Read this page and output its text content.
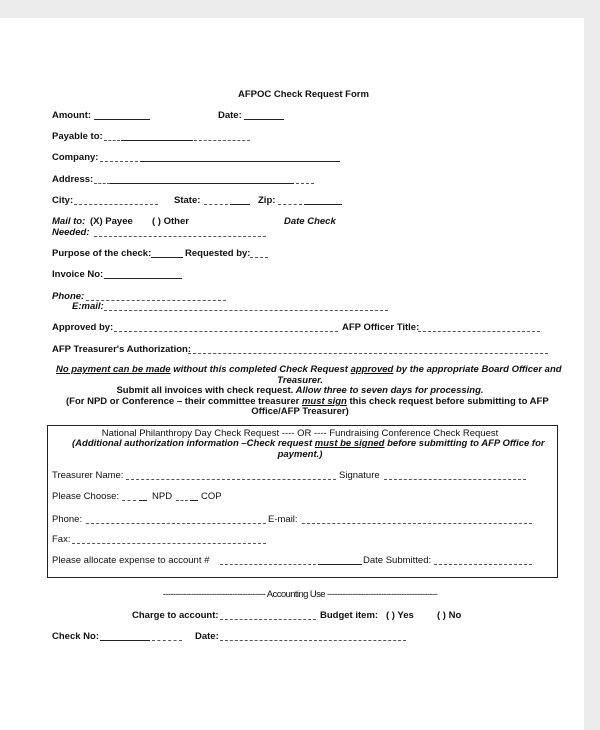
AFPOC Check Request Form
Amount:	Date:
Payable to:
Company:
Address:
City:	State:	Zip:
Mail to: (X) Payee ( ) Other	Date Check
Needed:
Purpose of the check:	Requested by:
Invoice No:
Phone:
E:mail:
Approved by:	AFP Officer Title:
AFP Treasurer's Authorization:
No payment can be made without this completed Check Request approved by the appropriate Board Officer and
Treasurer.
Submit all invoices with check request. Allow three to seven days for processing.
(For NPD or Conference – their committee treasurer must sign this check request before submitting to AFP
Office/AFP Treasurer)
National Philanthropy Day Check Request ---- OR ---- Fundraising Conference Check Request
(Additional authorization information –Check request must be signed before submitting to AFP Office for
payment.)
Treasurer Name:	Signature
Please Choose:	NPD	COP
Phone:	E-mail:
Fax:
Please allocate expense to account #	Date Submitted:
---------------------------------------- Accounting Use -------------------------------------------
Charge to account:	Budget item: ( ) Yes ( ) No
Check No:	Date:
